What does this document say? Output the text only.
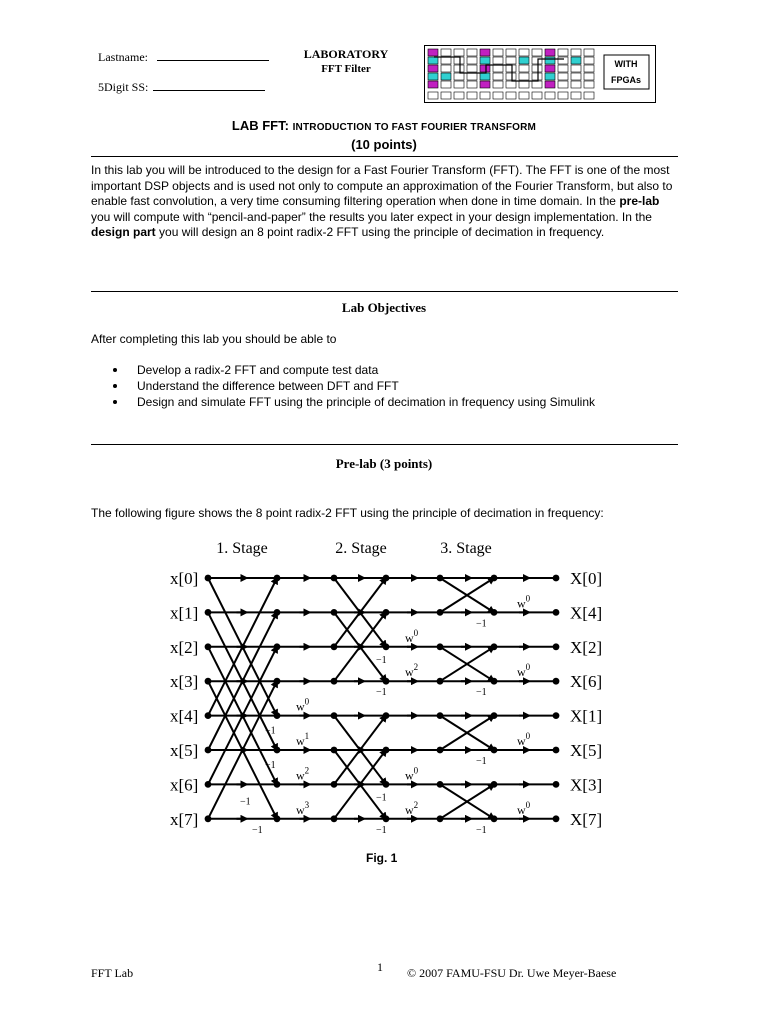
Lastname:
5Digit SS:
LABORATORY
FFT Filter	WITH
FPGAs
LAB FFT: INTRODUCTION TO FAST FOURIER TRANSFORM
(10 points)
In this lab you will be introduced to the design for a Fast Fourier Transform (FFT). The FFT is one of the most important DSP objects and is used not only to compute an approximation of the Fourier Transform, but also to enable fast convolution, a very time consuming filtering operation when done in time domain. In the pre-lab you will compute with “pencil-and-paper” the results you later expect in your design implementation. In the design part you will design an 8 point radix-2 FFT using the principle of decimation in frequency.
Lab Objectives
After completing this lab you should be able to
Develop a radix-2 FFT and compute test data
Understand the difference between DFT and FFT
Design and simulate FFT using the principle of decimation in frequency using Simulink
Pre-lab (3 points)
The following figure shows the 8 point radix-2 FFT using the principle of decimation in frequency:
1. Stage	2. Stage	3. Stage
x[0]
x[1]
x[2]
x[3]
x[4]
x[5]
x[6]
x[7]
X[0]
X[4]
X[2]
X[6]
X[1]
X[5]
X[3]
X[7]
$w^0$
$w^1$
$w^2$
$w^3$
$w^0$
$w^2$
$w^0$
$w^2$
$w^0$
$w^0$
$w^0$
$w^0$
−1
−1
−1
−1
−1
−1
−1
−1
−1
−1
−1
−1
Fig. 1
FFT Lab	1 © 2007 FAMU-FSU Dr. Uwe Meyer-Baese
